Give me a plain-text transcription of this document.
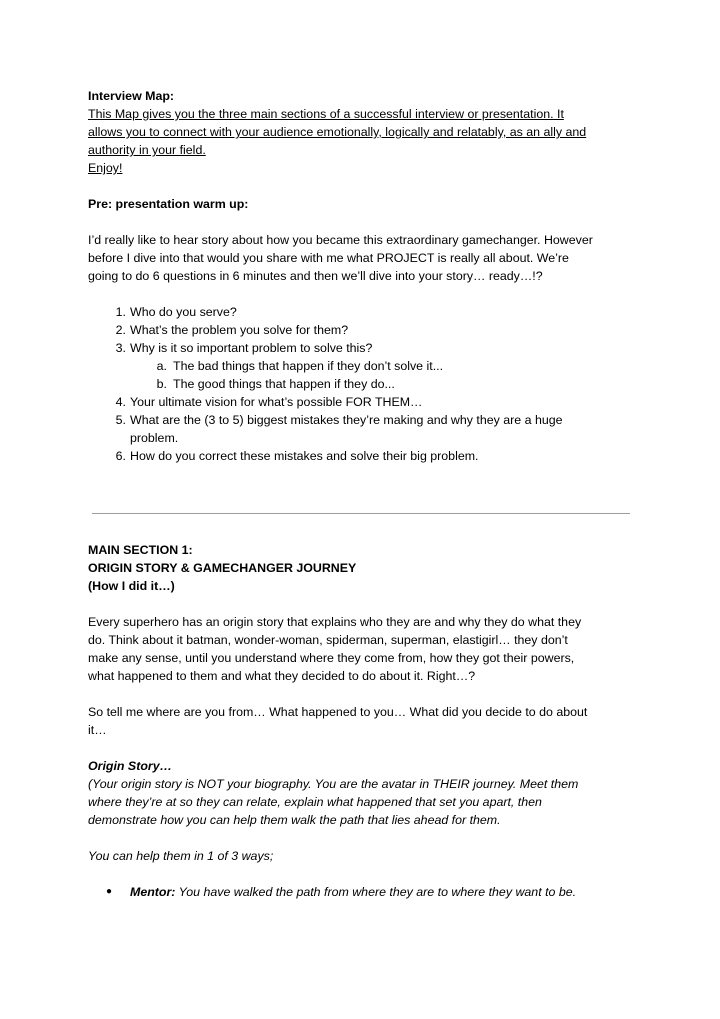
Interview Map:

This Map gives you the three main sections of a successful interview or presentation. It

allows you to connect with your audience emotionally, logically and relatably, as an ally and

authority in your field.

Enjoy!

Pre: presentation warm up:

I’d really like to hear story about how you became this extraordinary gamechanger. However

before I dive into that would you share with me what PROJECT is really all about. We’re

going to do 6 questions in 6 minutes and then we’ll dive into your story… ready…!?

1. Who do you serve?
2. What’s the problem you solve for them?
3. Why is it so important problem to solve this?
a. The bad things that happen if they don’t solve it...
b. The good things that happen if they do...
4. Your ultimate vision for what’s possible FOR THEM…
5. What are the (3 to 5) biggest mistakes they’re making and why they are a huge
problem.
6. How do you correct these mistakes and solve their big problem.

MAIN SECTION 1:

ORIGIN STORY & GAMECHANGER JOURNEY

(How I did it…)

Every superhero has an origin story that explains who they are and why they do what they

do. Think about it batman, wonder-woman, spiderman, superman, elastigirl… they don’t

make any sense, until you understand where they come from, how they got their powers,

what happened to them and what they decided to do about it. Right…?

So tell me where are you from… What happened to you… What did you decide to do about

it…

Origin Story…

(Your origin story is NOT your biography. You are the avatar in THEIR journey. Meet them

where they’re at so they can relate, explain what happened that set you apart, then

demonstrate how you can help them walk the path that lies ahead for them.

You can help them in 1 of 3 ways;

● Mentor: You have walked the path from where they are to where they want to be.
